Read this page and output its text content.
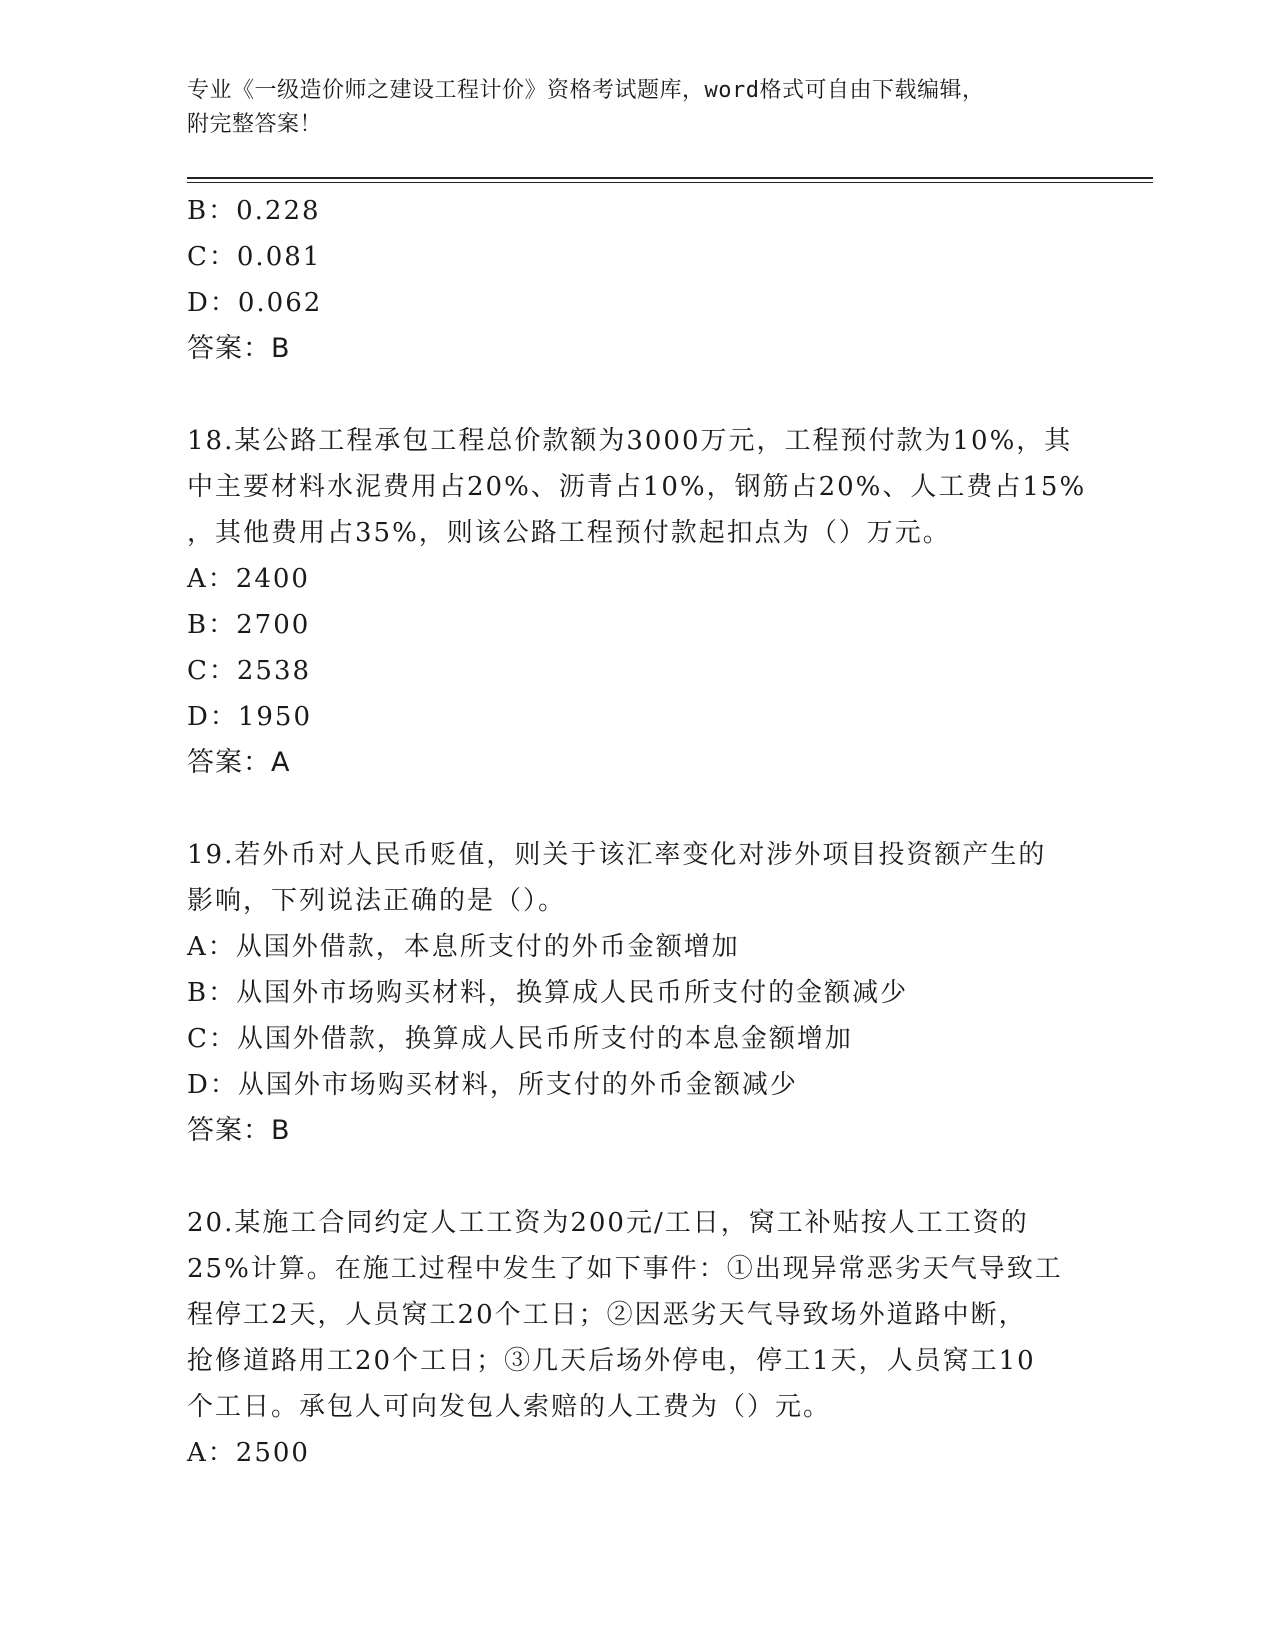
专业《一级造价师之建设工程计价》资格考试题库，word格式可自由下载编辑，
附完整答案！
B：0.228
C：0.081
D：0.062
答案：B
18.某公路工程承包工程总价款额为3000万元，工程预付款为10%，其
中主要材料水泥费用占20%、沥青占10%，钢筋占20%、人工费占15%
，其他费用占35%，则该公路工程预付款起扣点为（）万元。
A：2400
B：2700
C：2538
D：1950
答案：A
19.若外币对人民币贬值，则关于该汇率变化对涉外项目投资额产生的
影响，下列说法正确的是（）。
A：从国外借款，本息所支付的外币金额增加
B：从国外市场购买材料，换算成人民币所支付的金额减少
C：从国外借款，换算成人民币所支付的本息金额增加
D：从国外市场购买材料，所支付的外币金额减少
答案：B
20.某施工合同约定人工工资为200元/工日，窝工补贴按人工工资的
25%计算。在施工过程中发生了如下事件：①出现异常恶劣天气导致工
程停工2天，人员窝工20个工日；②因恶劣天气导致场外道路中断，
抢修道路用工20个工日；③几天后场外停电，停工1天，人员窝工10
个工日。承包人可向发包人索赔的人工费为（）元。
A：2500
